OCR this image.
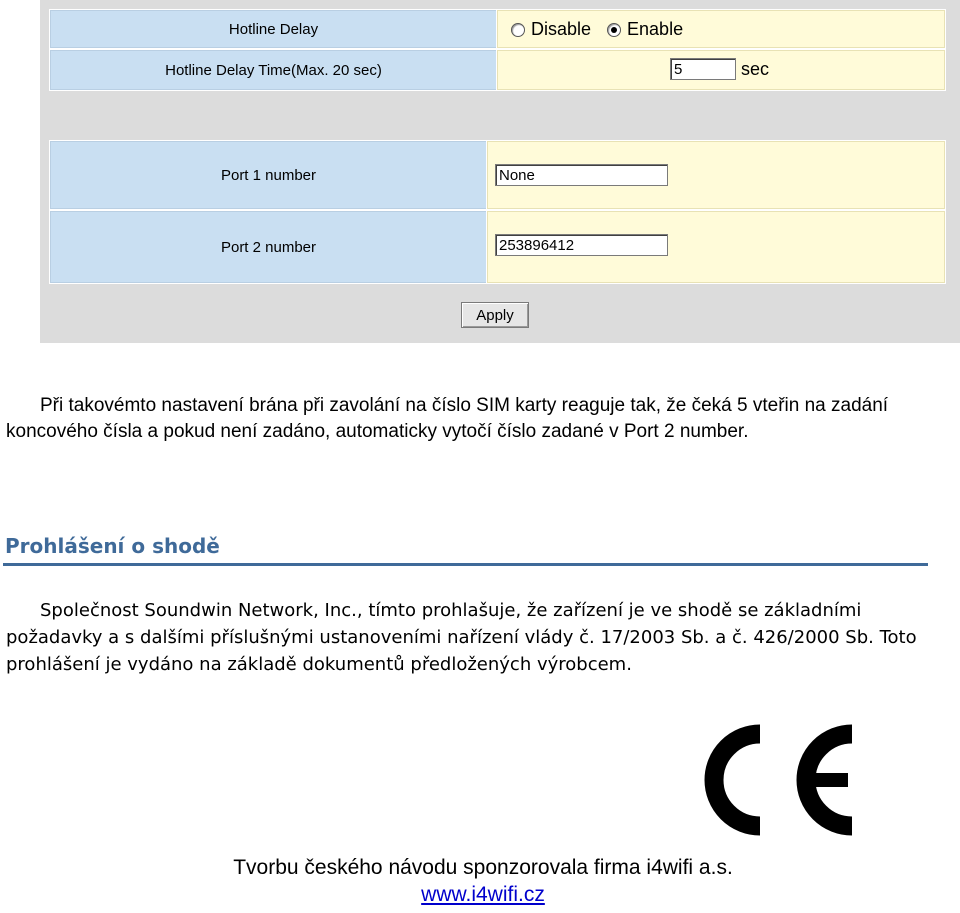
Hotline Delay	Disable Enable
Hotline Delay Time(Max. 20 sec)
5	sec
Port 1 number
None
Port 2 number
253896412
Apply

Při takovémto nastavení brána při zavolání na číslo SIM karty reaguje tak, že čeká 5 vteřin na zadání koncového čísla a pokud není zadáno, automaticky vytočí číslo zadané v Port 2 number.

Prohlášení o shodě

Společnost Soundwin Network, Inc., tímto prohlašuje, že zařízení je ve shodě se základními požadavky a s dalšími příslušnými ustanoveními nařízení vlády č. 17/2003 Sb. a č. 426/2000 Sb. Toto prohlášení je vydáno na základě dokumentů předložených výrobcem.

Tvorbu českého návodu sponzorovala firma i4wifi a.s.
www.i4wifi.cz
